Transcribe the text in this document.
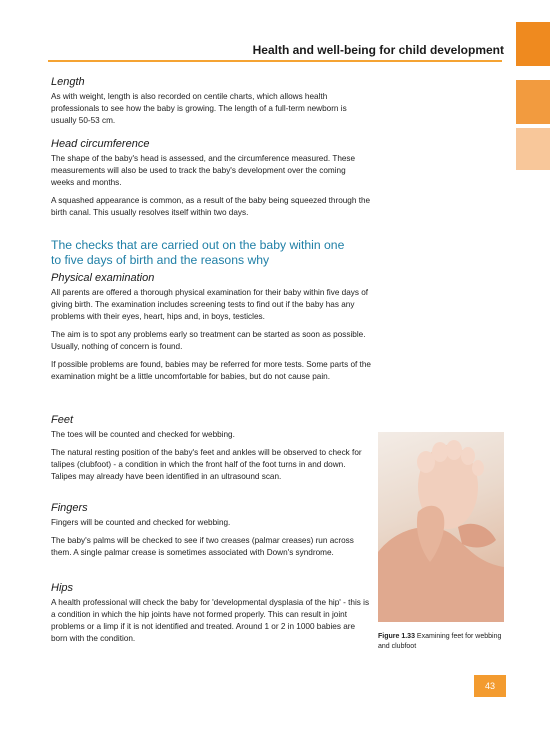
Health and well-being for child development
Length

As with weight, length is also recorded on centile charts, which allows health professionals to see how the baby is growing. The length of a full-term newborn is usually 50-53 cm.

Head circumference

The shape of the baby's head is assessed, and the circumference measured. These measurements will also be used to track the baby's development over the coming weeks and months.

A squashed appearance is common, as a result of the baby being squeezed through the birth canal. This usually resolves itself within two days.

The checks that are carried out on the baby within one to five days of birth and the reasons why
Physical examination

All parents are offered a thorough physical examination for their baby within five days of giving birth. The examination includes screening tests to find out if the baby has any problems with their eyes, heart, hips and, in boys, testicles.

The aim is to spot any problems early so treatment can be started as soon as possible. Usually, nothing of concern is found.

If possible problems are found, babies may be referred for more tests. Some parts of the examination might be a little uncomfortable for babies, but do not cause pain.

Feet

The toes will be counted and checked for webbing.

The natural resting position of the baby's feet and ankles will be observed to check for talipes (clubfoot) - a condition in which the front half of the foot turns in and down. Talipes may already have been identified in an ultrasound scan.

Fingers

Fingers will be counted and checked for webbing.

The baby's palms will be checked to see if two creases (palmar creases) run across them. A single palmar crease is sometimes associated with Down's syndrome.

Hips

A health professional will check the baby for 'developmental dysplasia of the hip' - this is a condition in which the hip joints have not formed properly. This can result in joint problems or a limp if it is not identified and treated. Around 1 or 2 in 1000 babies are born with the condition.	Figure 1.33 Examining feet for webbing and clubfoot
43
